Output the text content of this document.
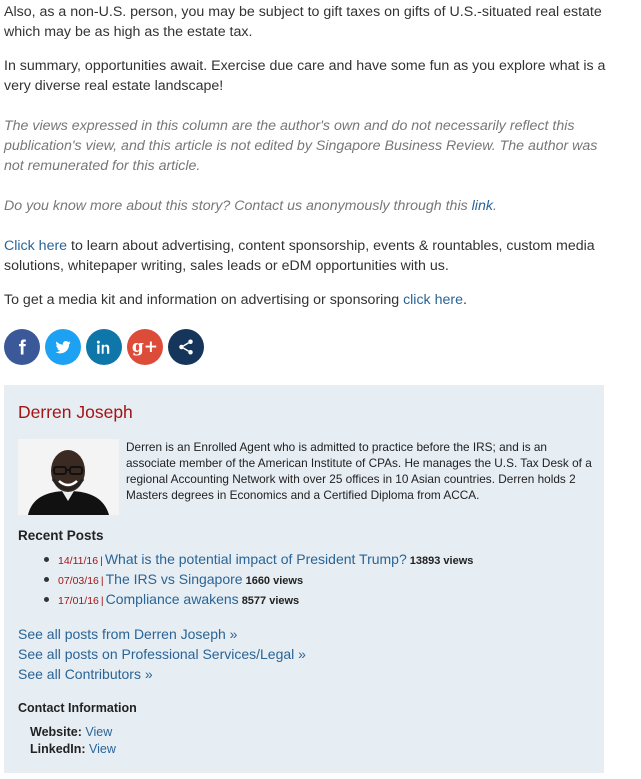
Also, as a non-U.S. person, you may be subject to gift taxes on gifts of U.S.-situated real estate which may be as high as the estate tax.

In summary, opportunities await. Exercise due care and have some fun as you explore what is a very diverse real estate landscape!

The views expressed in this column are the author's own and do not necessarily reflect this publication's view, and this article is not edited by Singapore Business Review. The author was not remunerated for this article.

Do you know more about this story? Contact us anonymously through this link.

Click here to learn about advertising, content sponsorship, events & rountables, custom media solutions, whitepaper writing, sales leads or eDM opportunities with us.

To get a media kit and information on advertising or sponsoring click here.

g+
Derren Joseph
Derren is an Enrolled Agent who is admitted to practice before the IRS; and is an associate member of the American Institute of CPAs. He manages the U.S. Tax Desk of a regional Accounting Network with over 25 offices in 10 Asian countries. Derren holds 2 Masters degrees in Economics and a Certified Diploma from ACCA.
Recent Posts
14/11/16 | What is the potential impact of President Trump? 13893 views
07/03/16 | The IRS vs Singapore 1660 views
17/01/16 | Compliance awakens 8577 views
See all posts from Derren Joseph »
See all posts on Professional Services/Legal »
See all Contributors »
Contact Information
Website: View
LinkedIn: View
